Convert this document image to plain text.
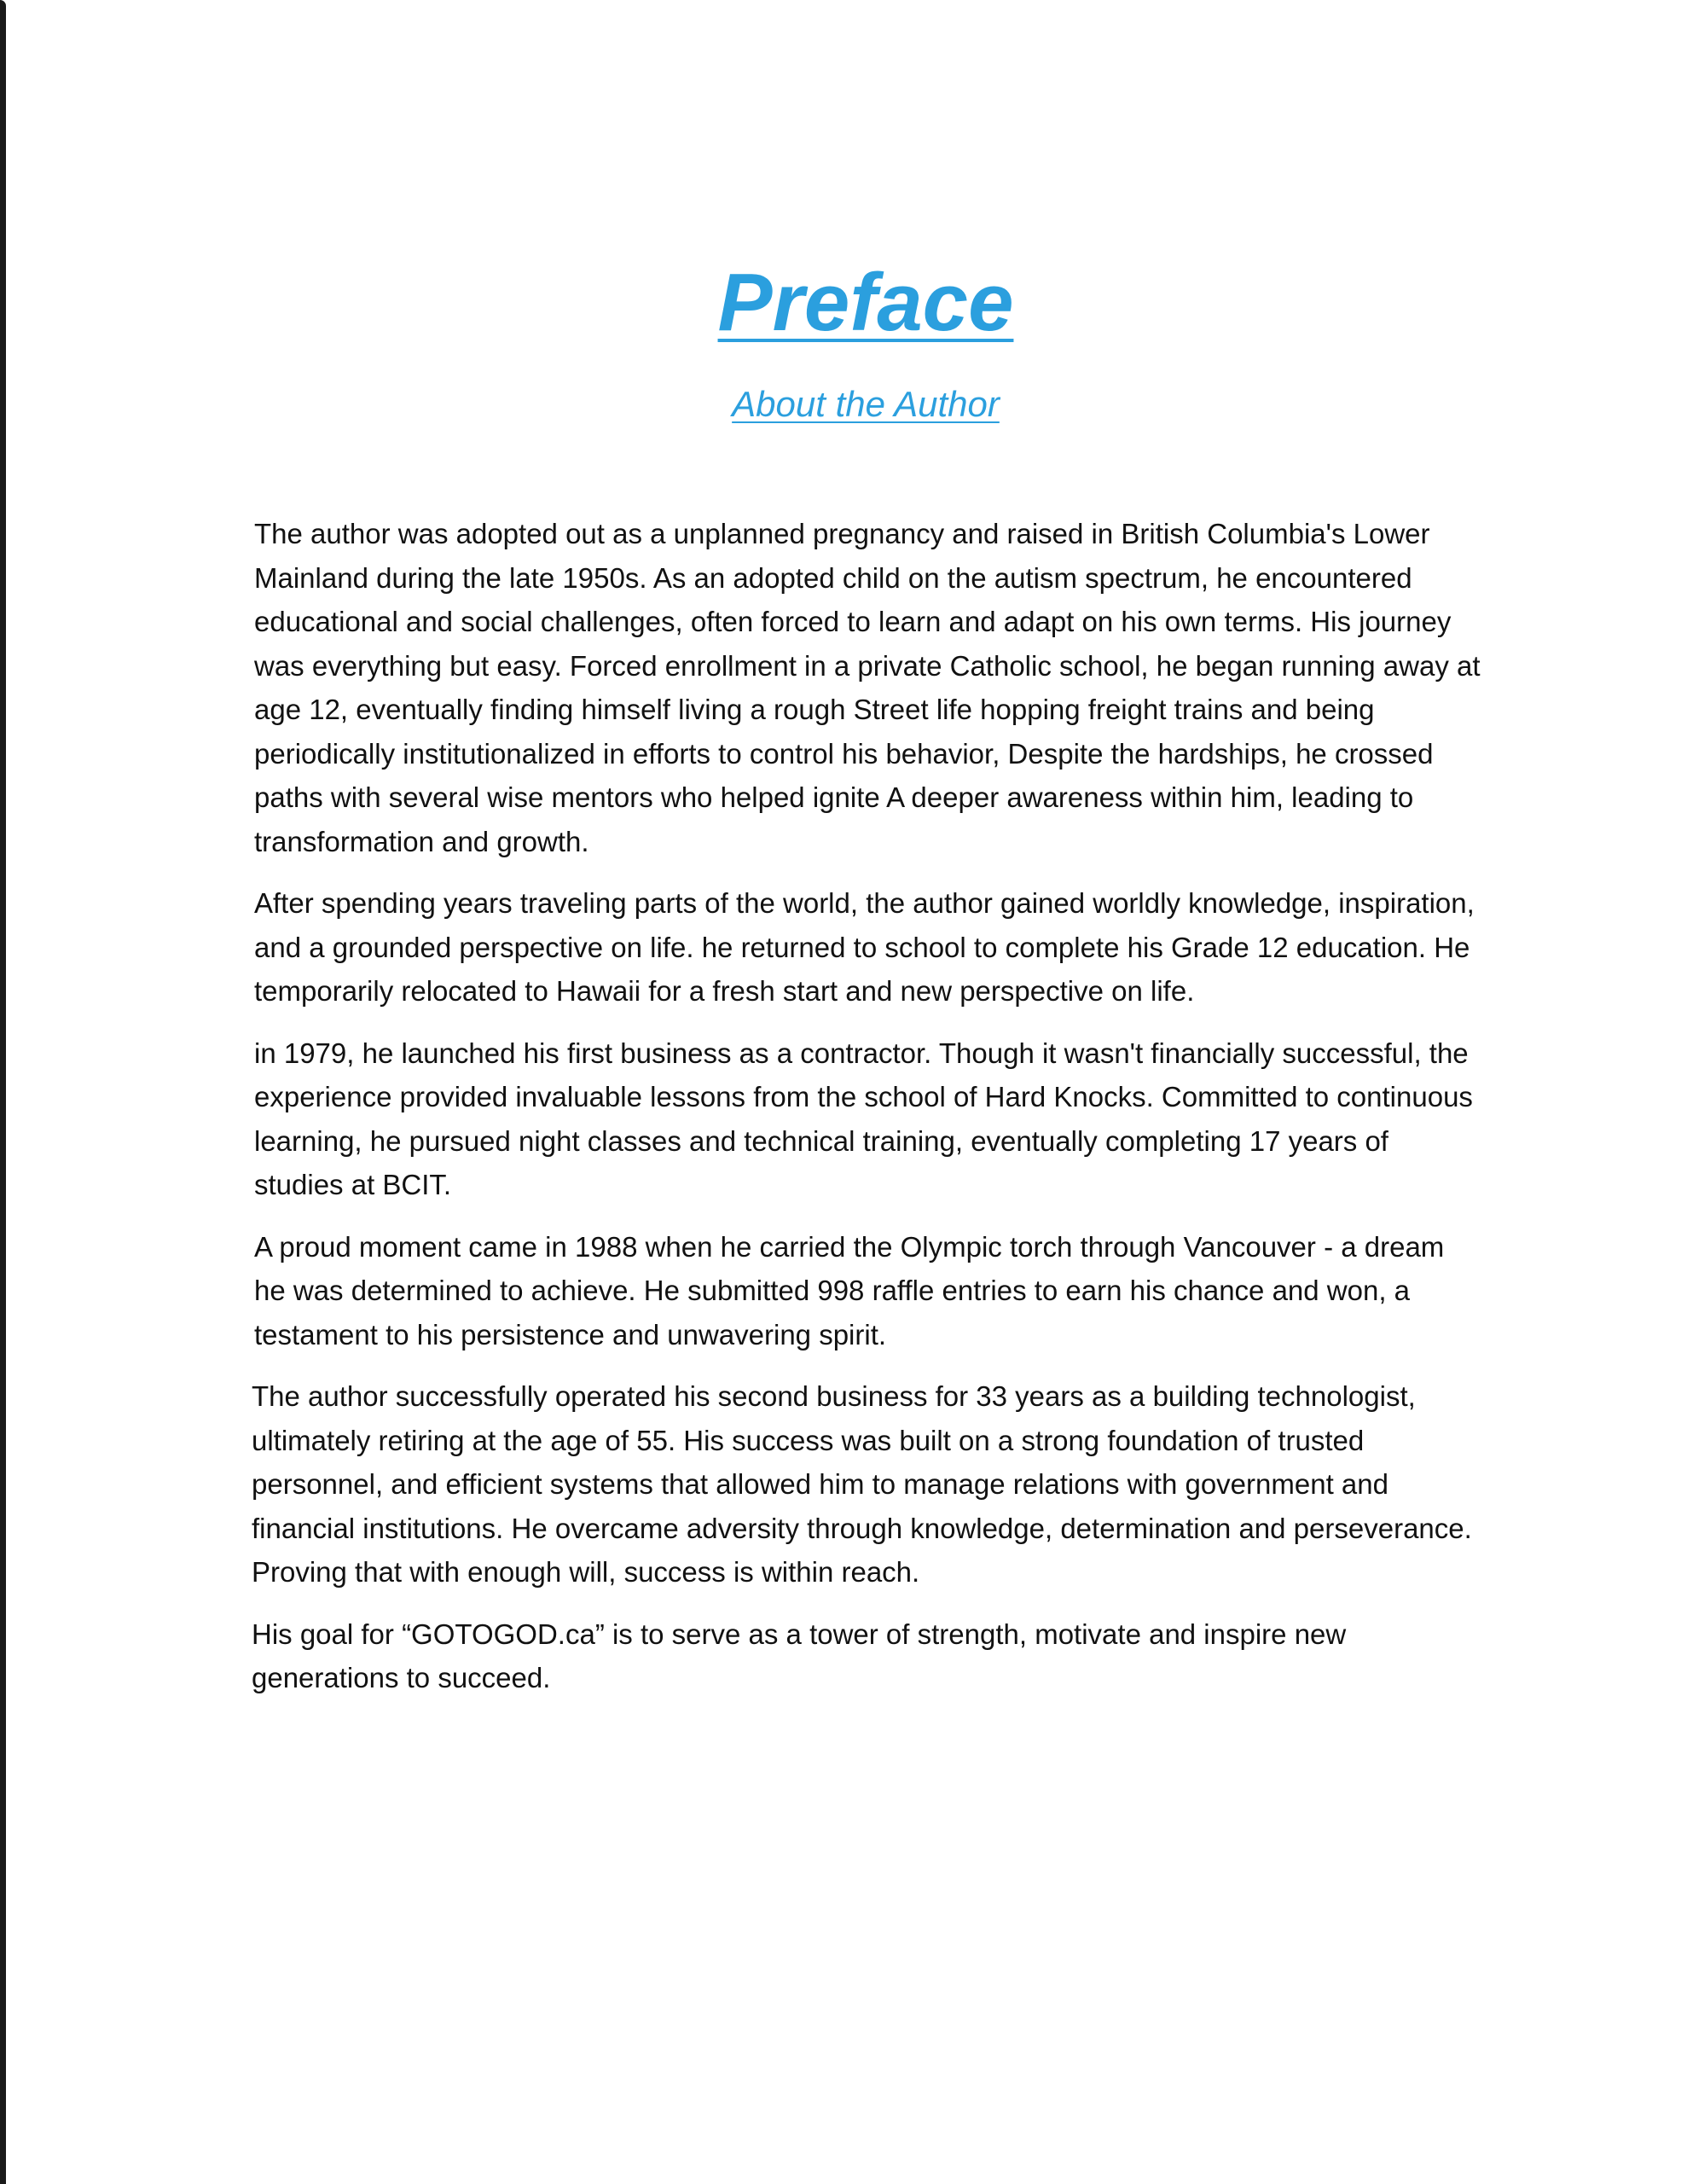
Preface
About the Author

The author was adopted out as a unplanned pregnancy and raised in British Columbia's Lower Mainland during the late 1950s. As an adopted child on the autism spectrum, he encountered educational and social challenges, often forced to learn and adapt on his own terms. His journey was everything but easy. Forced enrollment in a private Catholic school, he began running away at age 12, eventually finding himself living a rough Street life hopping freight trains and being periodically institutionalized in efforts to control his behavior, Despite the hardships, he crossed paths with several wise mentors who helped ignite A deeper awareness within him, leading to transformation and growth.

After spending years traveling parts of the world, the author gained worldly knowledge, inspiration, and a grounded perspective on life. he returned to school to complete his Grade 12 education. He temporarily relocated to Hawaii for a fresh start and new perspective on life.

in 1979, he launched his first business as a contractor. Though it wasn't financially successful, the experience provided invaluable lessons from the school of Hard Knocks. Committed to continuous learning, he pursued night classes and technical training, eventually completing 17 years of studies at BCIT.

A proud moment came in 1988 when he carried the Olympic torch through Vancouver - a dream he was determined to achieve. He submitted 998 raffle entries to earn his chance and won, a testament to his persistence and unwavering spirit.

The author successfully operated his second business for 33 years as a building technologist, ultimately retiring at the age of 55. His success was built on a strong foundation of trusted personnel, and efficient systems that allowed him to manage relations with government and financial institutions. He overcame adversity through knowledge, determination and perseverance. Proving that with enough will, success is within reach.

His goal for “GOTOGOD.ca” is to serve as a tower of strength, motivate and inspire new generations to succeed.
